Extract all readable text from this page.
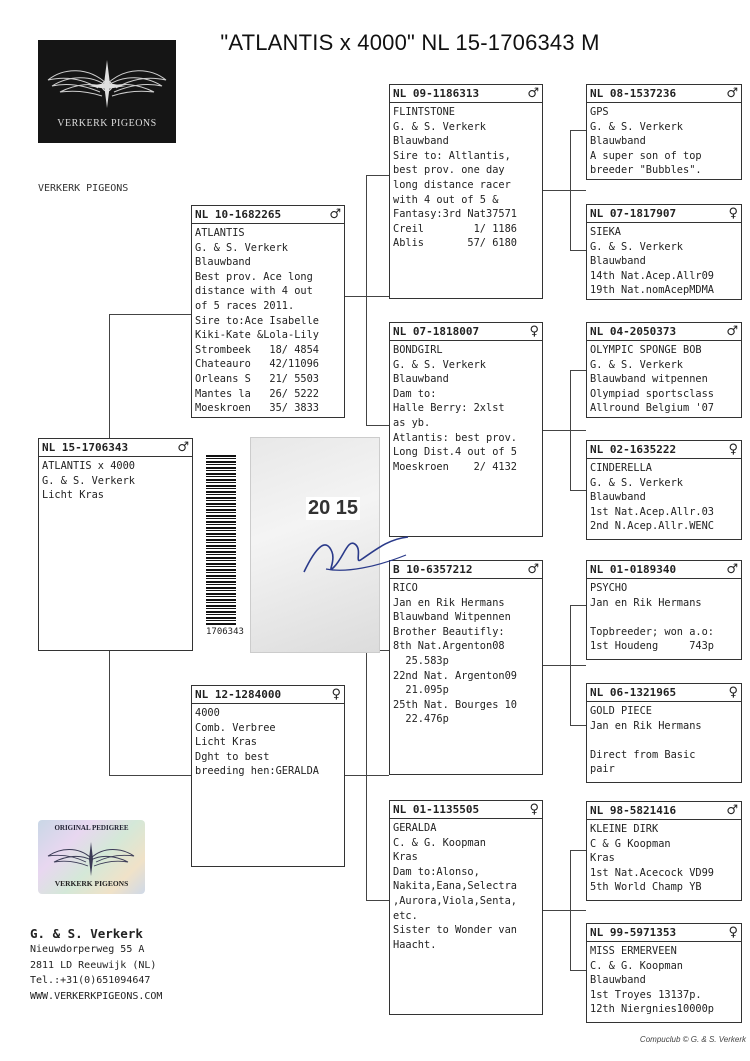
"ATLANTIS x 4000" NL 15-1706343 M
VERKERK PIGEONS
VERKERK PIGEONS
NL 15-1706343	♂
ATLANTIS x 4000
G. & S. Verkerk
Licht Kras
NL 10-1682265	♂
ATLANTIS
G. & S. Verkerk
Blauwband
Best prov. Ace long
distance with 4 out
of 5 races 2011.
Sire to:Ace Isabelle
Kiki-Kate &Lola-Lily
Strombeek   18/ 4854
Chateauro   42/11096
Orleans S   21/ 5503
Mantes la   26/ 5222
Moeskroen   35/ 3833
NL 12-1284000	♀
4000
Comb. Verbree
Licht Kras
Dght to best
breeding hen:GERALDA
NL 09-1186313	♂
FLINTSTONE
G. & S. Verkerk
Blauwband
Sire to: Altlantis,
best prov. one day
long distance racer
with 4 out of 5 &
Fantasy:3rd Nat37571
Creil        1/ 1186
Ablis       57/ 6180
NL 07-1818007	♀
BONDGIRL
G. & S. Verkerk
Blauwband
Dam to:
Halle Berry: 2xlst
as yb.
Atlantis: best prov.
Long Dist.4 out of 5
Moeskroen    2/ 4132
B 10-6357212	♂
RICO
Jan en Rik Hermans
Blauwband Witpennen
Brother Beautifly:
8th Nat.Argenton08
25.583p
22nd Nat. Argenton09
21.095p
25th Nat. Bourges 10
22.476p
NL 01-1135505	♀
GERALDA
C. & G. Koopman
Kras
Dam to:Alonso,
Nakita,Eana,Selectra
,Aurora,Viola,Senta,
etc.
Sister to Wonder van
Haacht.
NL 08-1537236	♂
GPS
G. & S. Verkerk
Blauwband
A super son of top
breeder "Bubbles".
NL 07-1817907	♀
SIEKA
G. & S. Verkerk
Blauwband
14th Nat.Acep.Allr09
19th Nat.nomAcepMDMA
NL 04-2050373	♂
OLYMPIC SPONGE BOB
G. & S. Verkerk
Blauwband witpennen
Olympiad sportsclass
Allround Belgium '07
NL 02-1635222	♀
CINDERELLA
G. & S. Verkerk
Blauwband
1st Nat.Acep.Allr.03
2nd N.Acep.Allr.WENC
NL 01-0189340	♂
PSYCHO
Jan en Rik Hermans

Topbreeder; won a.o:
1st Houdeng     743p
NL 06-1321965	♀
GOLD PIECE
Jan en Rik Hermans

Direct from Basic
pair
NL 98-5821416	♂
KLEINE DIRK
C & G Koopman
Kras
1st Nat.Acecock VD99
5th World Champ YB
NL 99-5971353	♀
MISS ERMERVEEN
C. & G. Koopman
Blauwband
1st Troyes 13137p.
12th Niergnies10000p
20 15
1706343
ORIGINAL PEDIGREE
VERKERK PIGEONS
G. & S. Verkerk
Nieuwdorperweg 55 A
2811 LD Reeuwijk (NL)
Tel.:+31(0)651094647
WWW.VERKERKPIGEONS.COM
Compuclub © G. & S. Verkerk
